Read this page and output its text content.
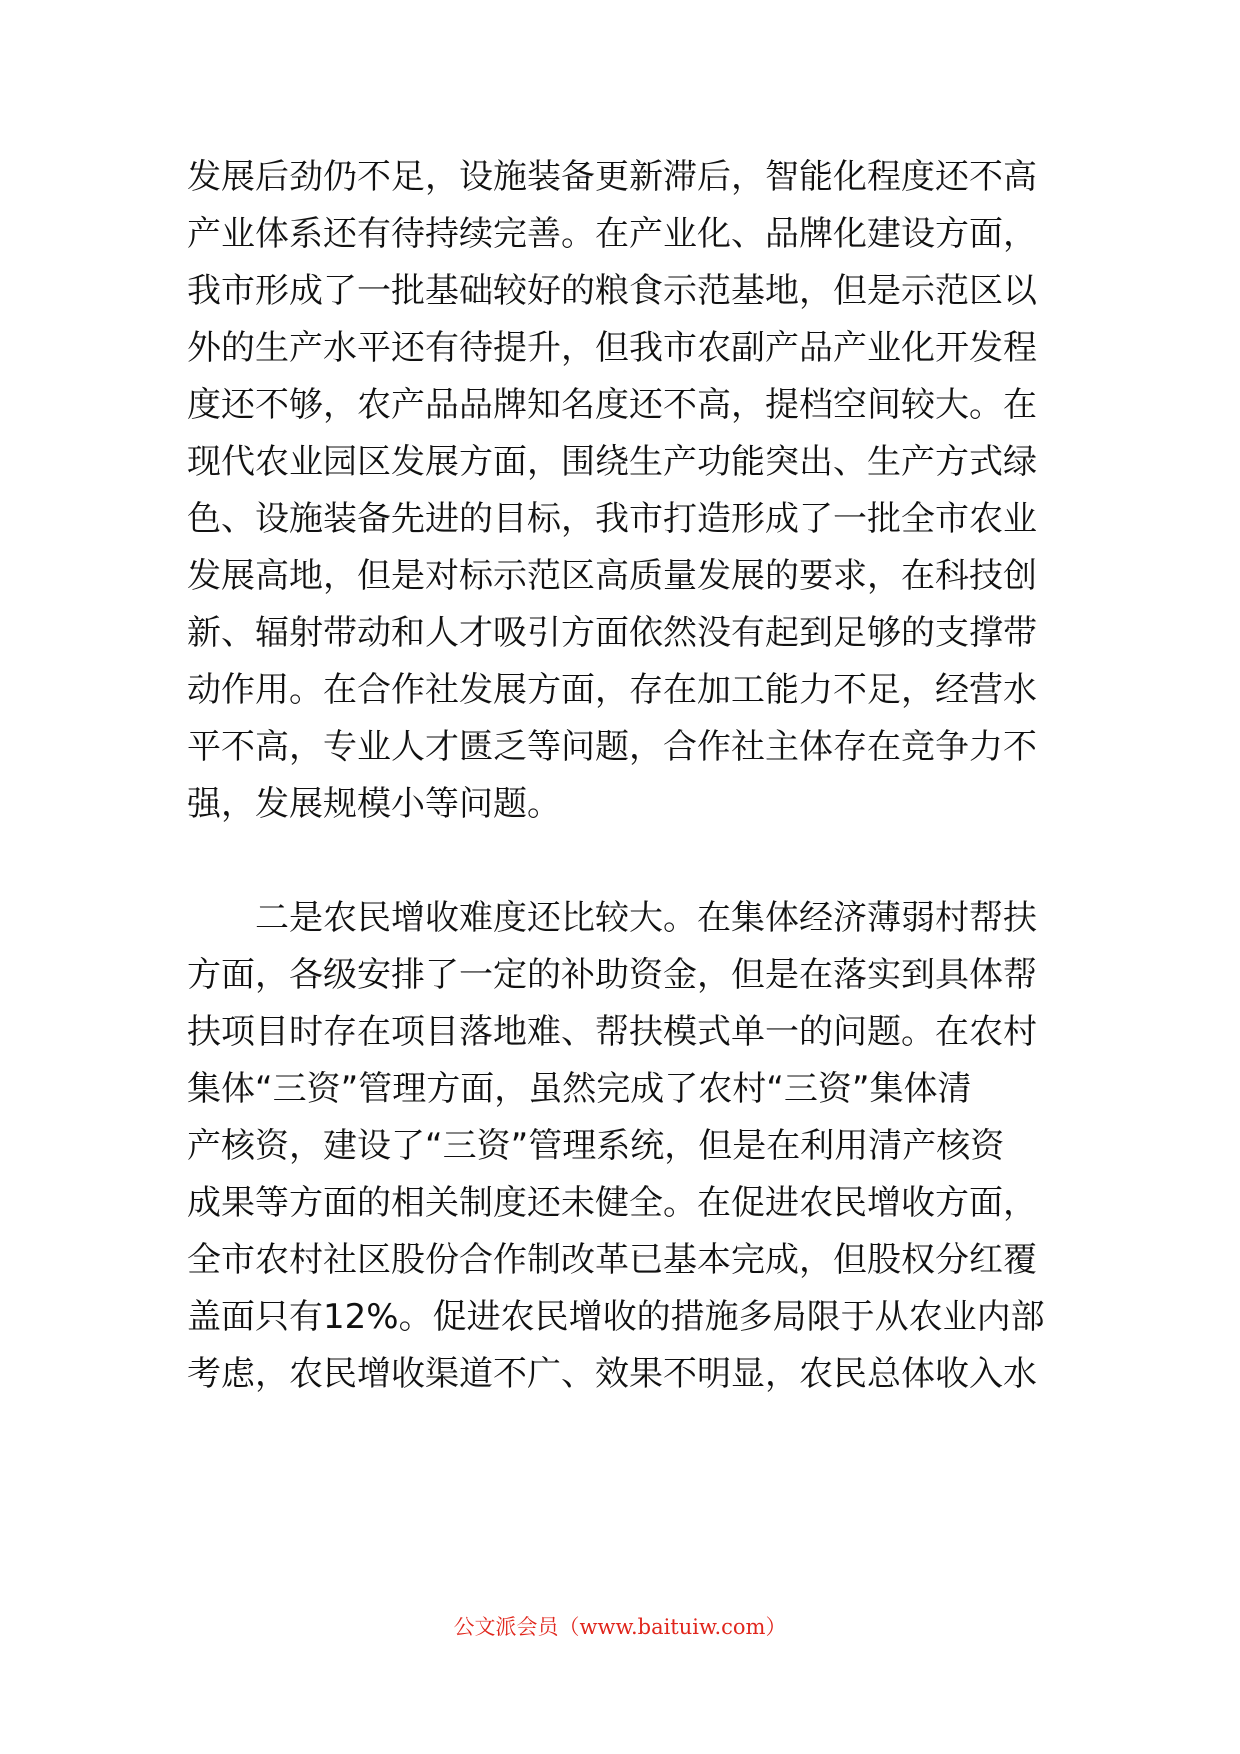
发展后劲仍不足，设施装备更新滞后，智能化程度还不高
产业体系还有待持续完善。在产业化、品牌化建设方面，
我市形成了一批基础较好的粮食示范基地，但是示范区以
外的生产水平还有待提升，但我市农副产品产业化开发程
度还不够，农产品品牌知名度还不高，提档空间较大。在
现代农业园区发展方面，围绕生产功能突出、生产方式绿
色、设施装备先进的目标，我市打造形成了一批全市农业
发展高地，但是对标示范区高质量发展的要求，在科技创
新、辐射带动和人才吸引方面依然没有起到足够的支撑带
动作用。在合作社发展方面，存在加工能力不足，经营水
平不高，专业人才匮乏等问题，合作社主体存在竞争力不
强，发展规模小等问题。
二是农民增收难度还比较大。在集体经济薄弱村帮扶
方面，各级安排了一定的补助资金，但是在落实到具体帮
扶项目时存在项目落地难、帮扶模式单一的问题。在农村
集体“三资”管理方面，虽然完成了农村“三资”集体清
产核资，建设了“三资”管理系统，但是在利用清产核资
成果等方面的相关制度还未健全。在促进农民增收方面，
全市农村社区股份合作制改革已基本完成，但股权分红覆
盖面只有12%。促进农民增收的措施多局限于从农业内部
考虑，农民增收渠道不广、效果不明显，农民总体收入水
公文派会员（www.baituiw.com）
